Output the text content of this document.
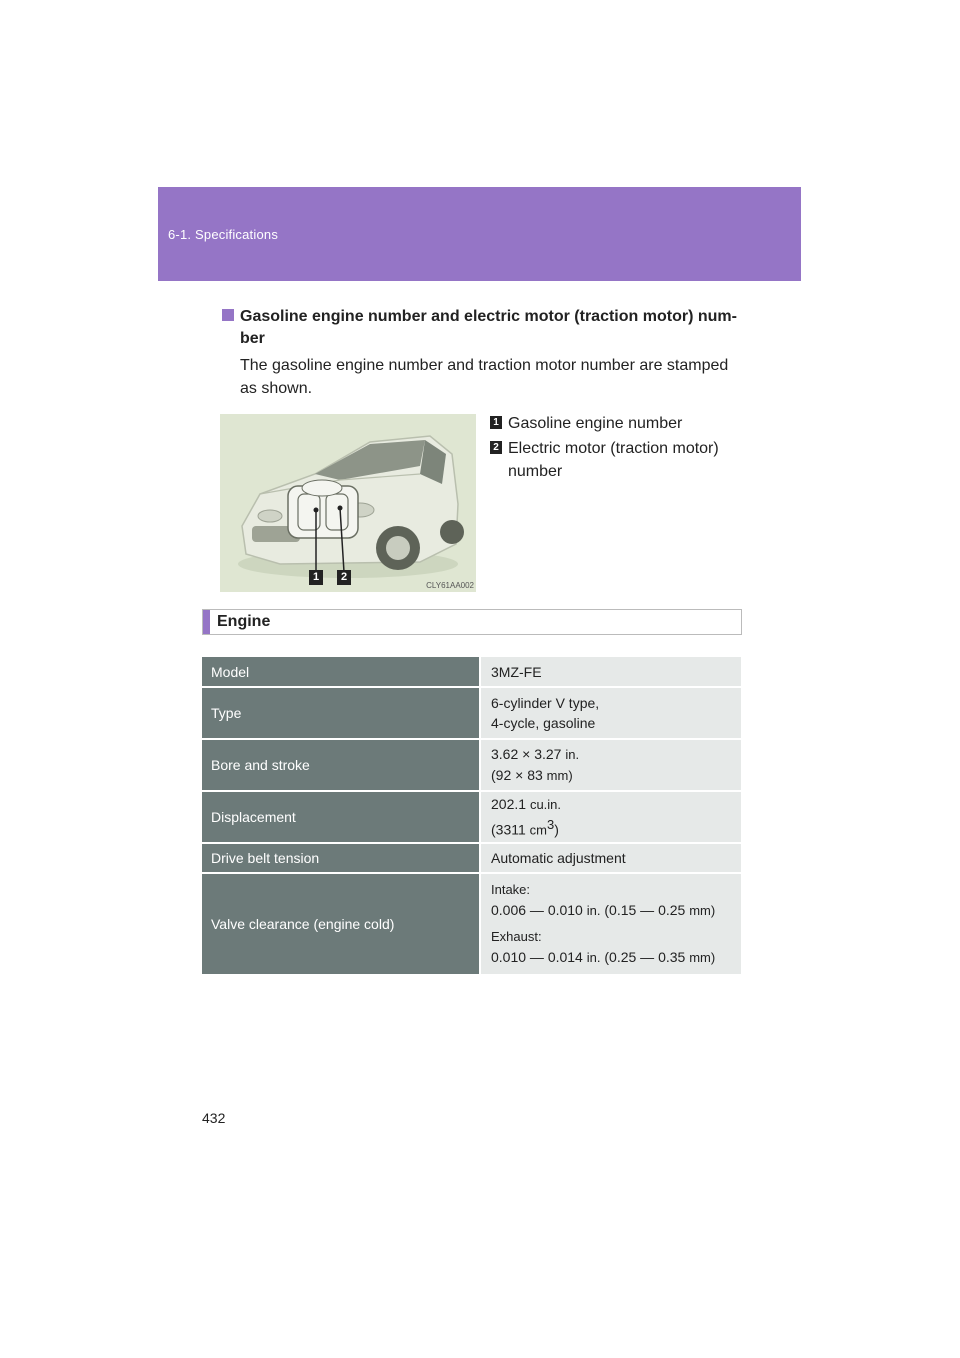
6-1. Specifications
Gasoline engine number and electric motor (traction motor) num-ber
The gasoline engine number and traction motor number are stamped as shown.
1	2
CLY61AA002
1 Gasoline engine number
2 Electric motor (traction motor) number
Engine
Model	3MZ-FE
Type	6-cylinder V type,
4-cycle, gasoline

Bore and stroke	3.62 × 3.27 in.
(92 × 83 mm)

Displacement	202.1 cu.in.
(3311 $cm^3$)

Drive belt tension	Automatic adjustment
Valve clearance (engine cold)	Intake:
0.006 — 0.010 in. (0.15 — 0.25 mm)
Exhaust:
0.010 — 0.014 in. (0.25 — 0.35 mm)
432
